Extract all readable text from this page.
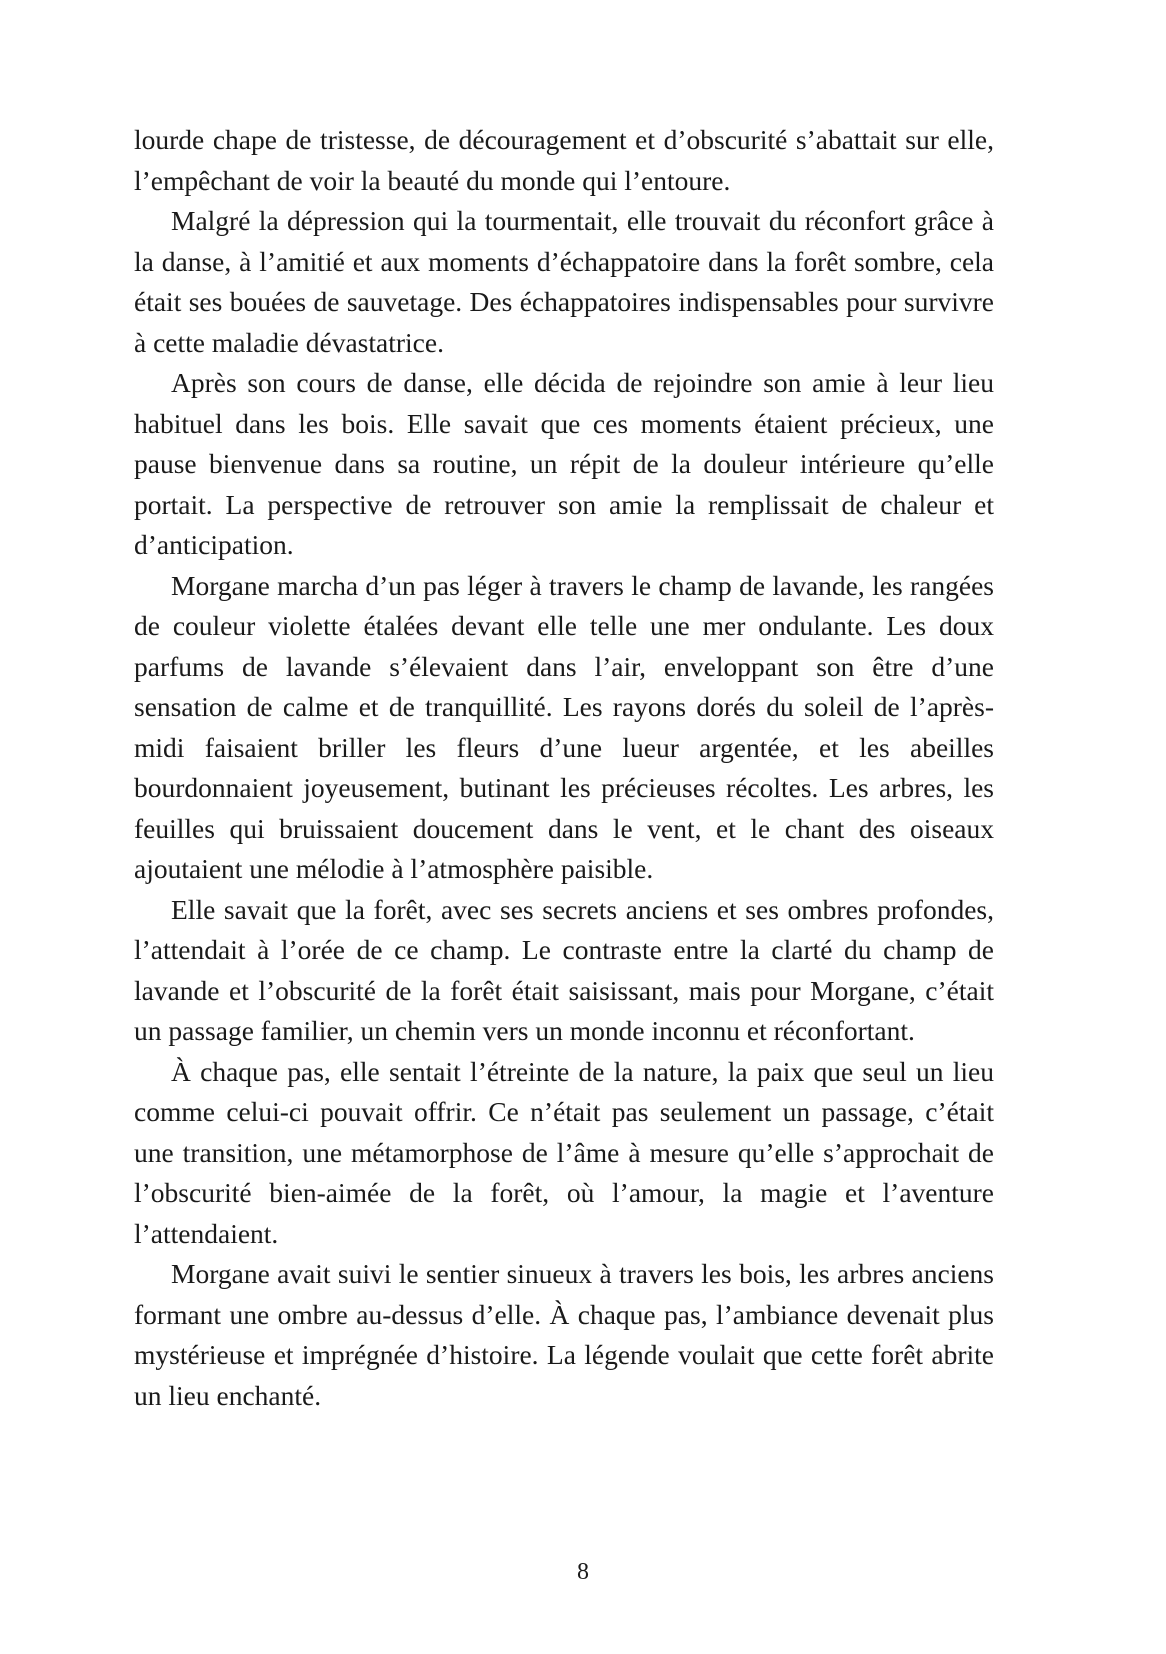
lourde chape de tristesse, de découragement et d’obscurité s’abattait sur elle, l’empêchant de voir la beauté du monde qui l’entoure.

Malgré la dépression qui la tourmentait, elle trouvait du réconfort grâce à la danse, à l’amitié et aux moments d’échappatoire dans la forêt sombre, cela était ses bouées de sauvetage. Des échappatoires indispensables pour survivre à cette maladie dévastatrice.

Après son cours de danse, elle décida de rejoindre son amie à leur lieu habituel dans les bois. Elle savait que ces moments étaient précieux, une pause bienvenue dans sa routine, un répit de la douleur intérieure qu’elle portait. La perspective de retrouver son amie la remplissait de chaleur et d’anticipation.

Morgane marcha d’un pas léger à travers le champ de lavande, les rangées de couleur violette étalées devant elle telle une mer ondulante. Les doux parfums de lavande s’élevaient dans l’air, enveloppant son être d’une sensation de calme et de tranquillité. Les rayons dorés du soleil de l’après-midi faisaient briller les fleurs d’une lueur argentée, et les abeilles bourdonnaient joyeusement, butinant les précieuses récoltes. Les arbres, les feuilles qui bruissaient doucement dans le vent, et le chant des oiseaux ajoutaient une mélodie à l’atmosphère paisible.

Elle savait que la forêt, avec ses secrets anciens et ses ombres profondes, l’attendait à l’orée de ce champ. Le contraste entre la clarté du champ de lavande et l’obscurité de la forêt était saisissant, mais pour Morgane, c’était un passage familier, un chemin vers un monde inconnu et réconfortant.

À chaque pas, elle sentait l’étreinte de la nature, la paix que seul un lieu comme celui-ci pouvait offrir. Ce n’était pas seulement un passage, c’était une transition, une métamorphose de l’âme à mesure qu’elle s’approchait de l’obscurité bien-aimée de la forêt, où l’amour, la magie et l’aventure l’attendaient.

Morgane avait suivi le sentier sinueux à travers les bois, les arbres anciens formant une ombre au-dessus d’elle. À chaque pas, l’ambiance devenait plus mystérieuse et imprégnée d’histoire. La légende voulait que cette forêt abrite un lieu enchanté.

8
